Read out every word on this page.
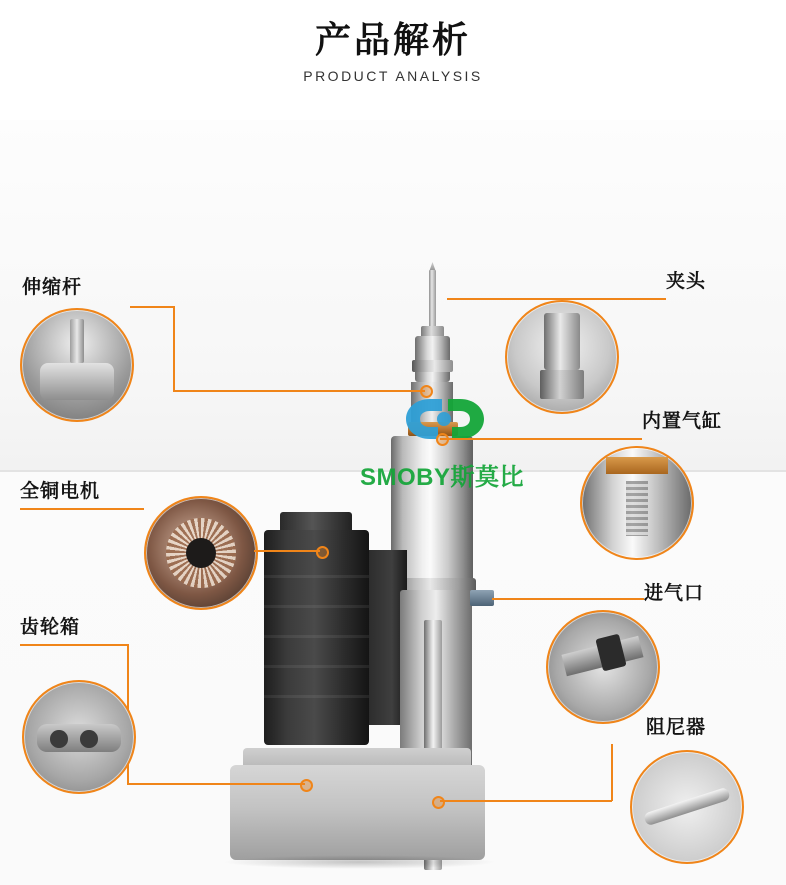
产品解析
PRODUCT ANALYSIS
SMOBY斯莫比
伸缩杆	夹头
全铜电机
内置气缸
齿轮箱
进气口
阻尼器
